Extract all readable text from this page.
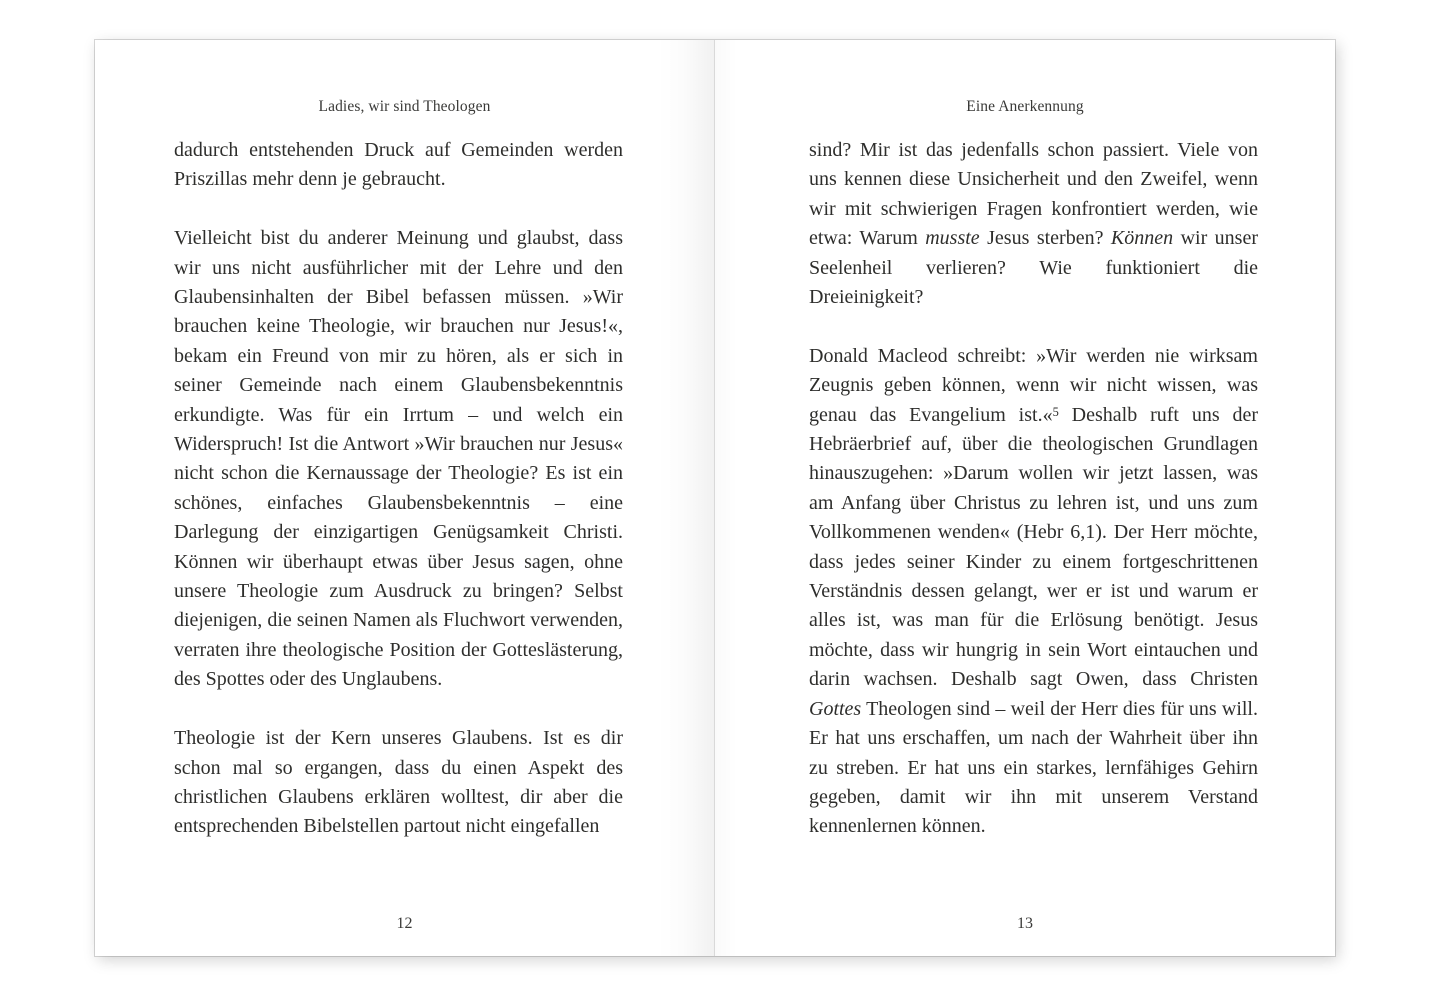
Ladies, wir sind Theologen

dadurch entstehenden Druck auf Gemeinden werden Priszillas mehr denn je gebraucht.

Vielleicht bist du anderer Meinung und glaubst, dass wir uns nicht ausführlicher mit der Lehre und den Glaubensinhalten der Bibel befassen müssen. »Wir brauchen keine Theologie, wir brauchen nur Jesus!«, bekam ein Freund von mir zu hören, als er sich in seiner Gemeinde nach einem Glaubensbekenntnis erkundigte. Was für ein Irrtum – und welch ein Widerspruch! Ist die Antwort »Wir brauchen nur Jesus« nicht schon die Kernaussage der Theologie? Es ist ein schönes, einfaches Glaubensbekenntnis – eine Darlegung der einzigartigen Genügsamkeit Christi. Können wir überhaupt etwas über Jesus sagen, ohne unsere Theologie zum Ausdruck zu bringen? Selbst diejenigen, die seinen Namen als Fluchwort verwenden, verraten ihre theologische Position der Gotteslästerung, des Spottes oder des Unglaubens.

Theologie ist der Kern unseres Glaubens. Ist es dir schon mal so ergangen, dass du einen Aspekt des christlichen Glaubens erklären wolltest, dir aber die entsprechenden Bibelstellen partout nicht eingefallen

12
Eine Anerkennung

sind? Mir ist das jedenfalls schon passiert. Viele von uns kennen diese Unsicherheit und den Zweifel, wenn wir mit schwierigen Fragen konfrontiert werden, wie etwa: Warum musste Jesus sterben? Können wir unser Seelenheil verlieren? Wie funktioniert die Dreieinigkeit?

Donald Macleod schreibt: »Wir werden nie wirksam Zeugnis geben können, wenn wir nicht wissen, was genau das Evangelium ist.«$^5$ Deshalb ruft uns der Hebräerbrief auf, über die theologischen Grundlagen hinauszugehen: »Darum wollen wir jetzt lassen, was am Anfang über Christus zu lehren ist, und uns zum Vollkommenen wenden« (Hebr 6,1). Der Herr möchte, dass jedes seiner Kinder zu einem fortgeschrittenen Verständnis dessen gelangt, wer er ist und warum er alles ist, was man für die Erlösung benötigt. Jesus möchte, dass wir hungrig in sein Wort eintauchen und darin wachsen. Deshalb sagt Owen, dass Christen Gottes Theologen sind – weil der Herr dies für uns will. Er hat uns erschaffen, um nach der Wahrheit über ihn zu streben. Er hat uns ein starkes, lernfähiges Gehirn gegeben, damit wir ihn mit unserem Verstand kennenlernen können.

13
